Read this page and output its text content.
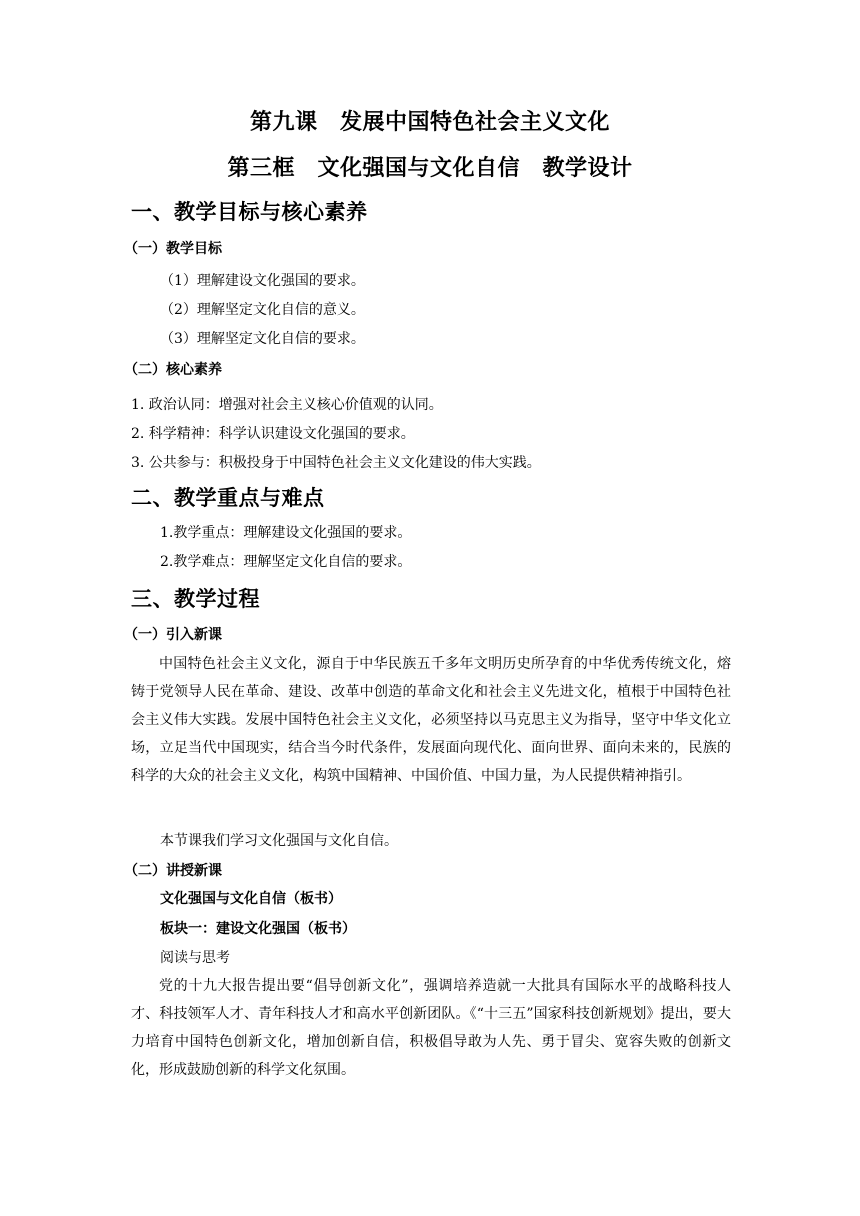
第九课　发展中国特色社会主义文化
第三框　文化强国与文化自信　教学设计
一、教学目标与核心素养
（一）教学目标
（1）理解建设文化强国的要求。
（2）理解坚定文化自信的意义。
（3）理解坚定文化自信的要求。
（二）核心素养
1. 政治认同：增强对社会主义核心价值观的认同。
2. 科学精神：科学认识建设文化强国的要求。
3. 公共参与：积极投身于中国特色社会主义文化建设的伟大实践。
二、教学重点与难点
1.教学重点：理解建设文化强国的要求。
2.教学难点：理解坚定文化自信的要求。
三、教学过程
（一）引入新课
中国特色社会主义文化，源自于中华民族五千多年文明历史所孕育的中华优秀传统文化，熔铸于党领导人民在革命、建设、改革中创造的革命文化和社会主义先进文化，植根于中国特色社会主义伟大实践。发展中国特色社会主义文化，必须坚持以马克思主义为指导，坚守中华文化立场，立足当代中国现实，结合当今时代条件，发展面向现代化、面向世界、面向未来的，民族的科学的大众的社会主义文化，构筑中国精神、中国价值、中国力量，为人民提供精神指引。
本节课我们学习文化强国与文化自信。
（二）讲授新课
文化强国与文化自信（板书）
板块一：建设文化强国（板书）
阅读与思考
党的十九大报告提出要“倡导创新文化”，强调培养造就一大批具有国际水平的战略科技人才、科技领军人才、青年科技人才和高水平创新团队。《“十三五”国家科技创新规划》提出，要大力培育中国特色创新文化，增加创新自信，积极倡导敢为人先、勇于冒尖、宽容失败的创新文化，形成鼓励创新的科学文化氛围。
